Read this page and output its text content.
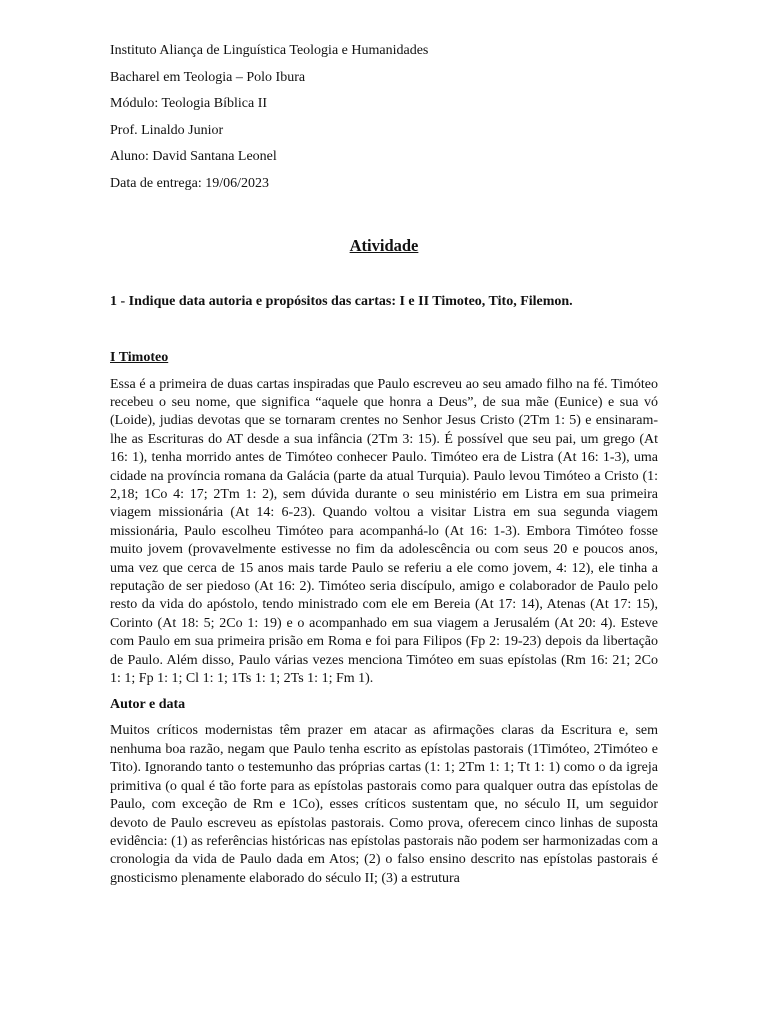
Instituto Aliança de Linguística Teologia e Humanidades

Bacharel em Teologia – Polo Ibura

Módulo: Teologia Bíblica II

Prof. Linaldo Junior

Aluno: David Santana Leonel

Data de entrega: 19/06/2023

Atividade

1 - Indique data autoria e propósitos das cartas: I e II Timoteo, Tito, Filemon.

I Timoteo

Essa é a primeira de duas cartas inspiradas que Paulo escreveu ao seu amado filho na fé. Timóteo recebeu o seu nome, que significa “aquele que honra a Deus”, de sua mãe (Eunice) e sua vó (Loide), judias devotas que se tornaram crentes no Senhor Jesus Cristo (2Tm 1: 5) e ensinaram-lhe as Escrituras do AT desde a sua infância (2Tm 3: 15). É possível que seu pai, um grego (At 16: 1), tenha morrido antes de Timóteo conhecer Paulo. Timóteo era de Listra (At 16: 1-3), uma cidade na província romana da Galácia (parte da atual Turquia). Paulo levou Timóteo a Cristo (1: 2,18; 1Co 4: 17; 2Tm 1: 2), sem dúvida durante o seu ministério em Listra em sua primeira viagem missionária (At 14: 6-23). Quando voltou a visitar Listra em sua segunda viagem missionária, Paulo escolheu Timóteo para acompanhá-lo (At 16: 1-3). Embora Timóteo fosse muito jovem (provavelmente estivesse no fim da adolescência ou com seus 20 e poucos anos, uma vez que cerca de 15 anos mais tarde Paulo se referiu a ele como jovem, 4: 12), ele tinha a reputação de ser piedoso (At 16: 2). Timóteo seria discípulo, amigo e colaborador de Paulo pelo resto da vida do apóstolo, tendo ministrado com ele em Bereia (At 17: 14), Atenas (At 17: 15), Corinto (At 18: 5; 2Co 1: 19) e o acompanhado em sua viagem a Jerusalém (At 20: 4). Esteve com Paulo em sua primeira prisão em Roma e foi para Filipos (Fp 2: 19-23) depois da libertação de Paulo. Além disso, Paulo várias vezes menciona Timóteo em suas epístolas (Rm 16: 21; 2Co 1: 1; Fp 1: 1; Cl 1: 1; 1Ts 1: 1; 2Ts 1: 1; Fm 1).

Autor e data

Muitos críticos modernistas têm prazer em atacar as afirmações claras da Escritura e, sem nenhuma boa razão, negam que Paulo tenha escrito as epístolas pastorais (1Timóteo, 2Timóteo e Tito). Ignorando tanto o testemunho das próprias cartas (1: 1; 2Tm 1: 1; Tt 1: 1) como o da igreja primitiva (o qual é tão forte para as epístolas pastorais como para qualquer outra das epístolas de Paulo, com exceção de Rm e 1Co), esses críticos sustentam que, no século II, um seguidor devoto de Paulo escreveu as epístolas pastorais. Como prova, oferecem cinco linhas de suposta evidência: (1) as referências históricas nas epístolas pastorais não podem ser harmonizadas com a cronologia da vida de Paulo dada em Atos; (2) o falso ensino descrito nas epístolas pastorais é gnosticismo plenamente elaborado do século II; (3) a estrutura
